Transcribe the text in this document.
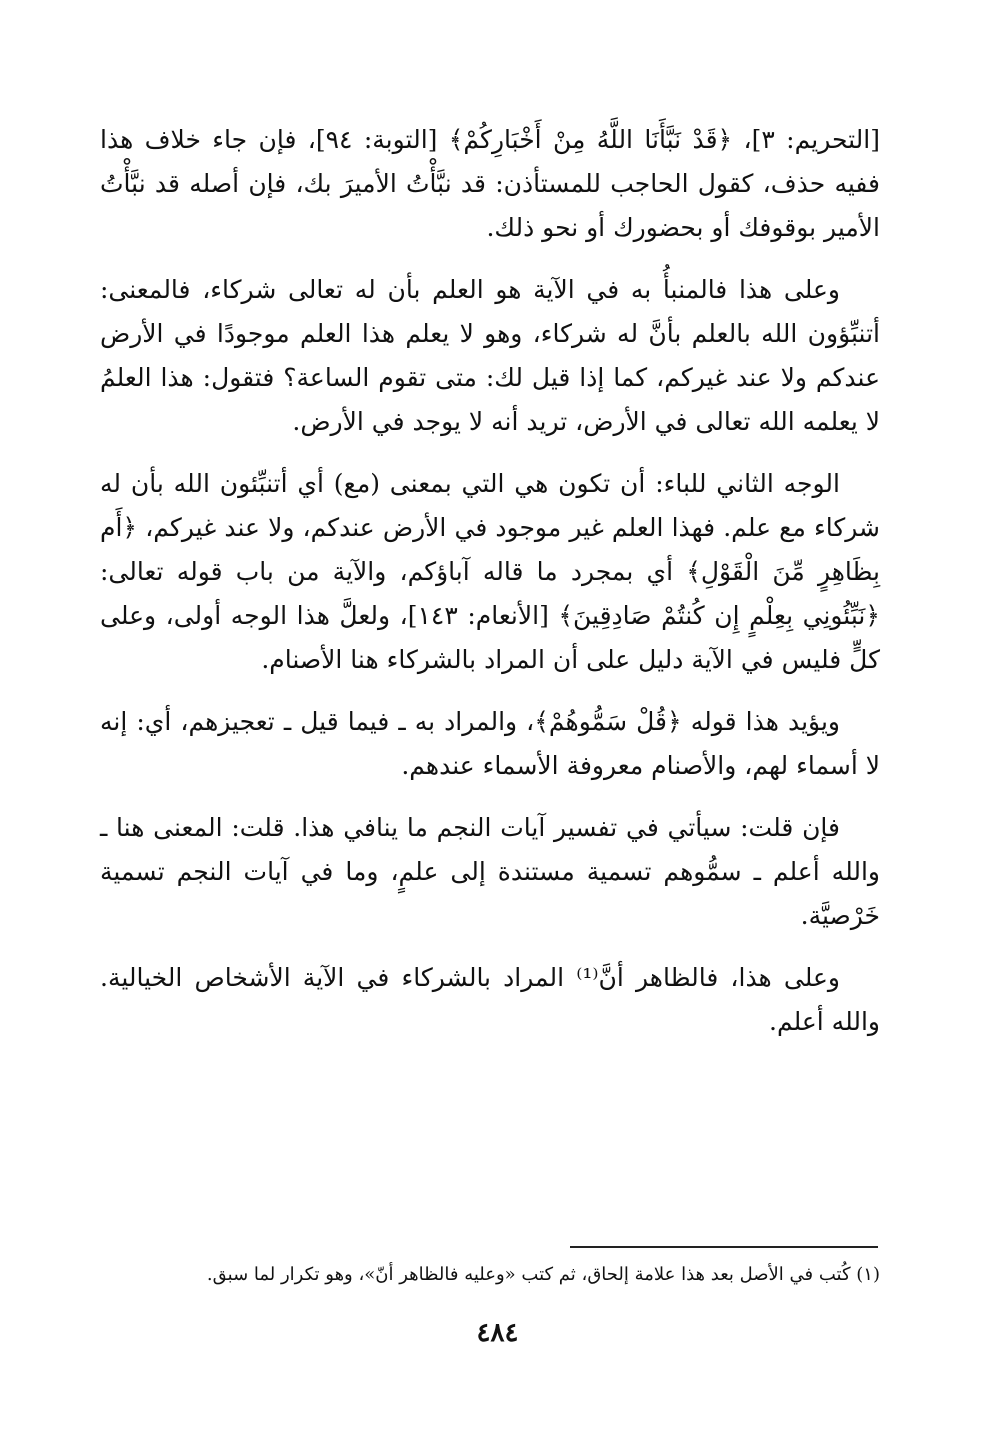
[التحريم: ٣]، ﴿قَدْ نَبَّأَنَا اللَّهُ مِنْ أَخْبَارِكُمْ﴾ [التوبة: ٩٤]، فإن جاء خلاف هذا ففيه حذف، كقول الحاجب للمستأذن: قد نبَّأْتُ الأميرَ بك، فإن أصله قد نبَّأْتُ الأمير بوقوفك أو بحضورك أو نحو ذلك.

وعلى هذا فالمنبأُ به في الآية هو العلم بأن له تعالى شركاء، فالمعنى: أتنبِّؤون الله بالعلم بأنَّ له شركاء، وهو لا يعلم هذا العلم موجودًا في الأرض عندكم ولا عند غيركم، كما إذا قيل لك: متى تقوم الساعة؟ فتقول: هذا العلمُ لا يعلمه الله تعالى في الأرض، تريد أنه لا يوجد في الأرض.

الوجه الثاني للباء: أن تكون هي التي بمعنى (مع) أي أتنبِّئون الله بأن له شركاء مع علم. فهذا العلم غير موجود في الأرض عندكم، ولا عند غيركم، ﴿أَم بِظَاهِرٍ مِّنَ الْقَوْلِ﴾ أي بمجرد ما قاله آباؤكم، والآية من باب قوله تعالى: ﴿نَبِّئُونِي بِعِلْمٍ إِن كُنتُمْ صَادِقِينَ﴾ [الأنعام: ١٤٣]، ولعلَّ هذا الوجه أولى، وعلى كلٍّ فليس في الآية دليل على أن المراد بالشركاء هنا الأصنام.

ويؤيد هذا قوله ﴿قُلْ سَمُّوهُمْ﴾، والمراد به ـ فيما قيل ـ تعجيزهم، أي: إنه لا أسماء لهم، والأصنام معروفة الأسماء عندهم.

فإن قلت: سيأتي في تفسير آيات النجم ما ينافي هذا. قلت: المعنى هنا ـ والله أعلم ـ سمُّوهم تسمية مستندة إلى علمٍ، وما في آيات النجم تسمية خَرْصيَّة.

وعلى هذا، فالظاهر أنَّ⁽¹⁾ المراد بالشركاء في الآية الأشخاص الخيالية. والله أعلم.

(١) كُتب في الأصل بعد هذا علامة إلحاق، ثم كتب «وعليه فالظاهر أنّ»، وهو تكرار لما سبق.
٤٨٤
